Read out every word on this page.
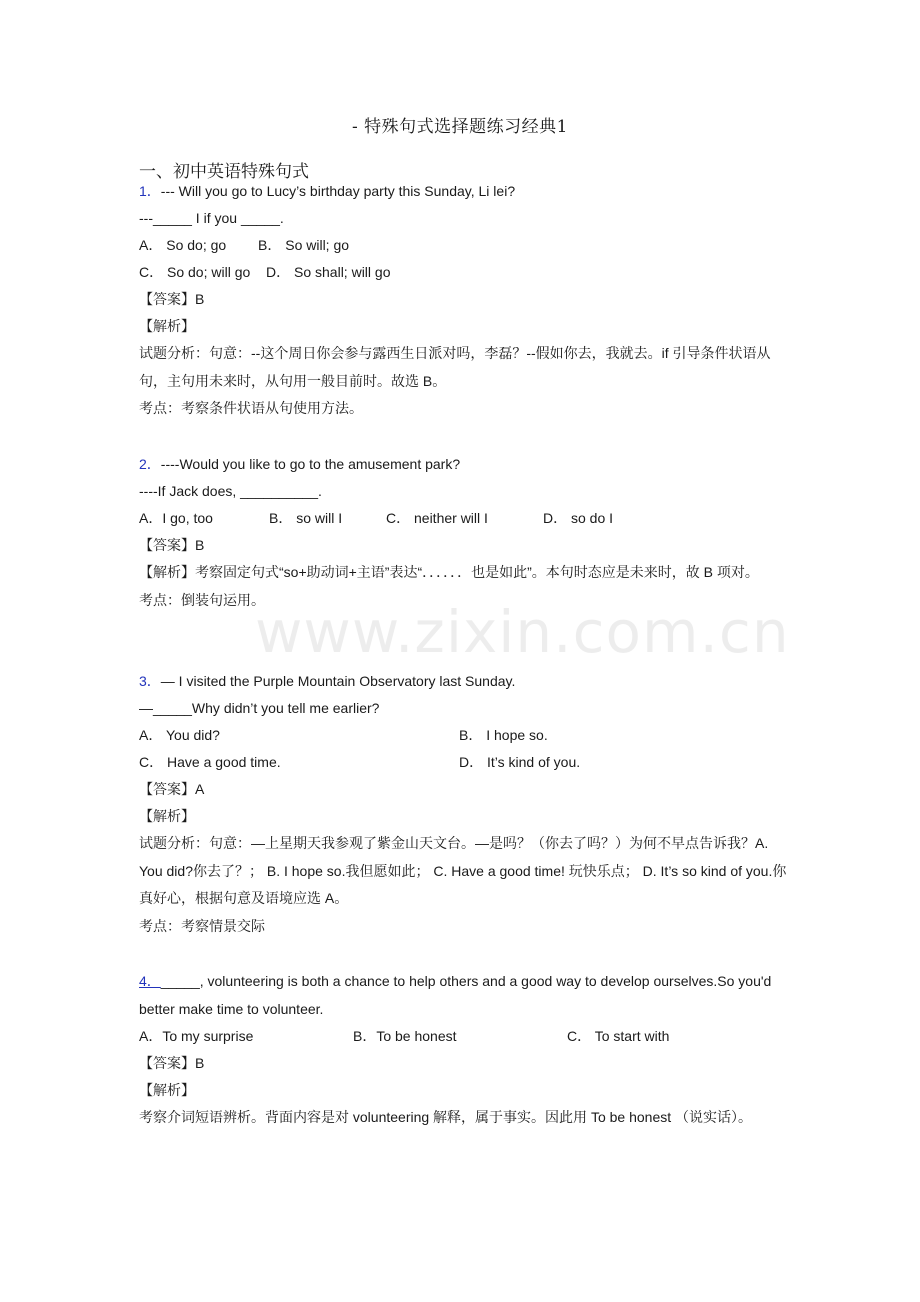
- 特殊句式选择题练习经典1
一、初中英语特殊句式
1．--- Will you go to Lucy’s birthday party this Sunday, Li lei?
---_____ I if you _____.
A． So do; go B． So will; go
C． So do; will go D． So shall; will go
【答案】B
【解析】
试题分析：句意：--这个周日你会参与露西生日派对吗，李磊？--假如你去，我就去。if 引导条件状语从句，主句用未来时，从句用一般目前时。故选 B。
考点：考察条件状语从句使用方法。
2．----Would you like to go to the amusement park?
----If Jack does, __________.
A．I go, too	B． so will I	C． neither will I	D． so do I
【答案】B
【解析】考察固定句式“so+助动词+主语”表达“．．．．．．也是如此”。本句时态应是未来时，故 B 项对。
考点：倒装句运用。
www.zixin.com.cn
3．— I visited the Purple Mountain Observatory last Sunday.
—_____Why didn’t you tell me earlier?
A． You did?	B． I hope so.
C． Have a good time.	D． It’s kind of you.
【答案】A
【解析】
试题分析：句意：—上星期天我参观了紫金山天文台。—是吗？（你去了吗？）为何不早点告诉我？A. You did?你去了？； B. I hope so.我但愿如此； C. Have a good time! 玩快乐点； D. It’s so kind of you.你真好心，根据句意及语境应选 A。
考点：考察情景交际
4．_____, volunteering is both a chance to help others and a good way to develop ourselves.So you'd better make time to volunteer.
A．To my surprise	B．To be honest	C． To start with
【答案】B
【解析】
考察介词短语辨析。背面内容是对 volunteering 解释，属于事实。因此用 To be honest （说实话）。
